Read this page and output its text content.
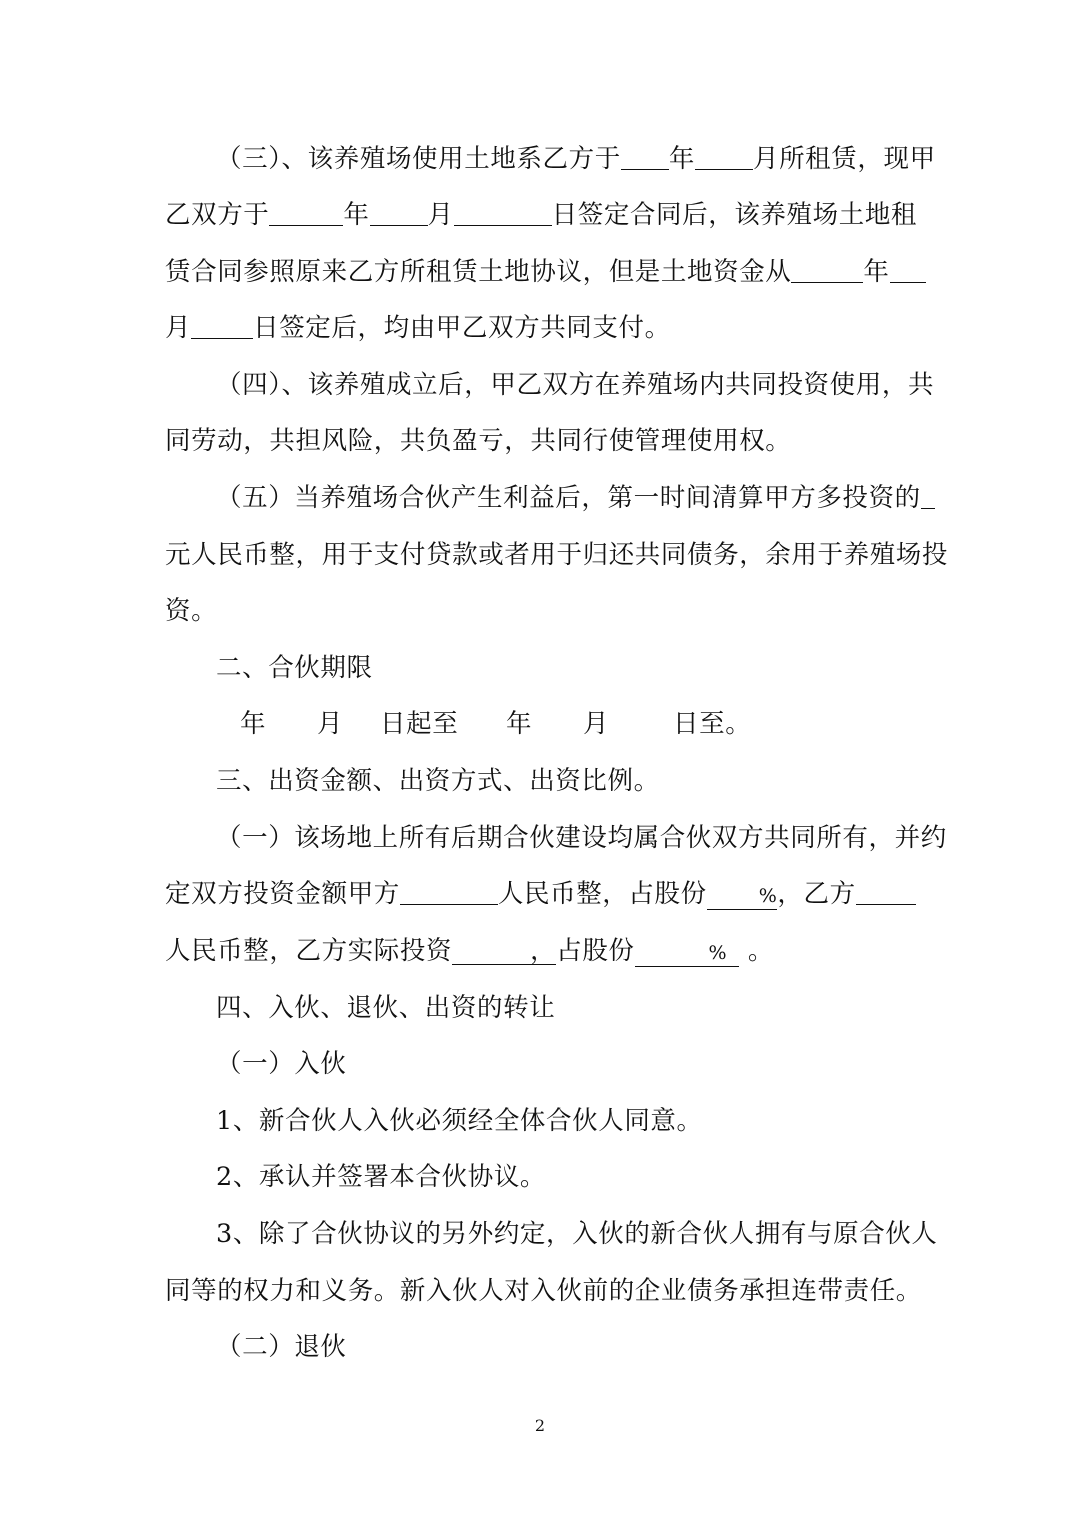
（三）、该养殖场使用土地系乙方于 年 月所租赁，现甲
乙双方于	年 月	日签定合同后，该养殖场土地租
赁合同参照原来乙方所租赁土地协议，但是土地资金从	年
月 日签定后，均由甲乙双方共同支付。
（四）、该养殖成立后，甲乙双方在养殖场内共同投资使用，共
同劳动，共担风险，共负盈亏，共同行使管理使用权。
（五）当养殖场合伙产生利益后，第一时间清算甲方多投资的
元人民币整，用于支付贷款或者用于归还共同债务，余用于养殖场投
资。
二、合伙期限
年 月 日起至 年 月	日至。
三、出资金额、出资方式、出资比例。
（一）该场地上所有后期合伙建设均属合伙双方共同所有，并约
定双方投资金额甲方	人民币整，占股份	%，乙方
人民币整，乙方实际投资	，占股份	% 。
四、入伙、退伙、出资的转让
（一）入伙
1、新合伙人入伙必须经全体合伙人同意。
2、承认并签署本合伙协议。
3、除了合伙协议的另外约定，入伙的新合伙人拥有与原合伙人
同等的权力和义务。新入伙人对入伙前的企业债务承担连带责任。
（二）退伙
2
